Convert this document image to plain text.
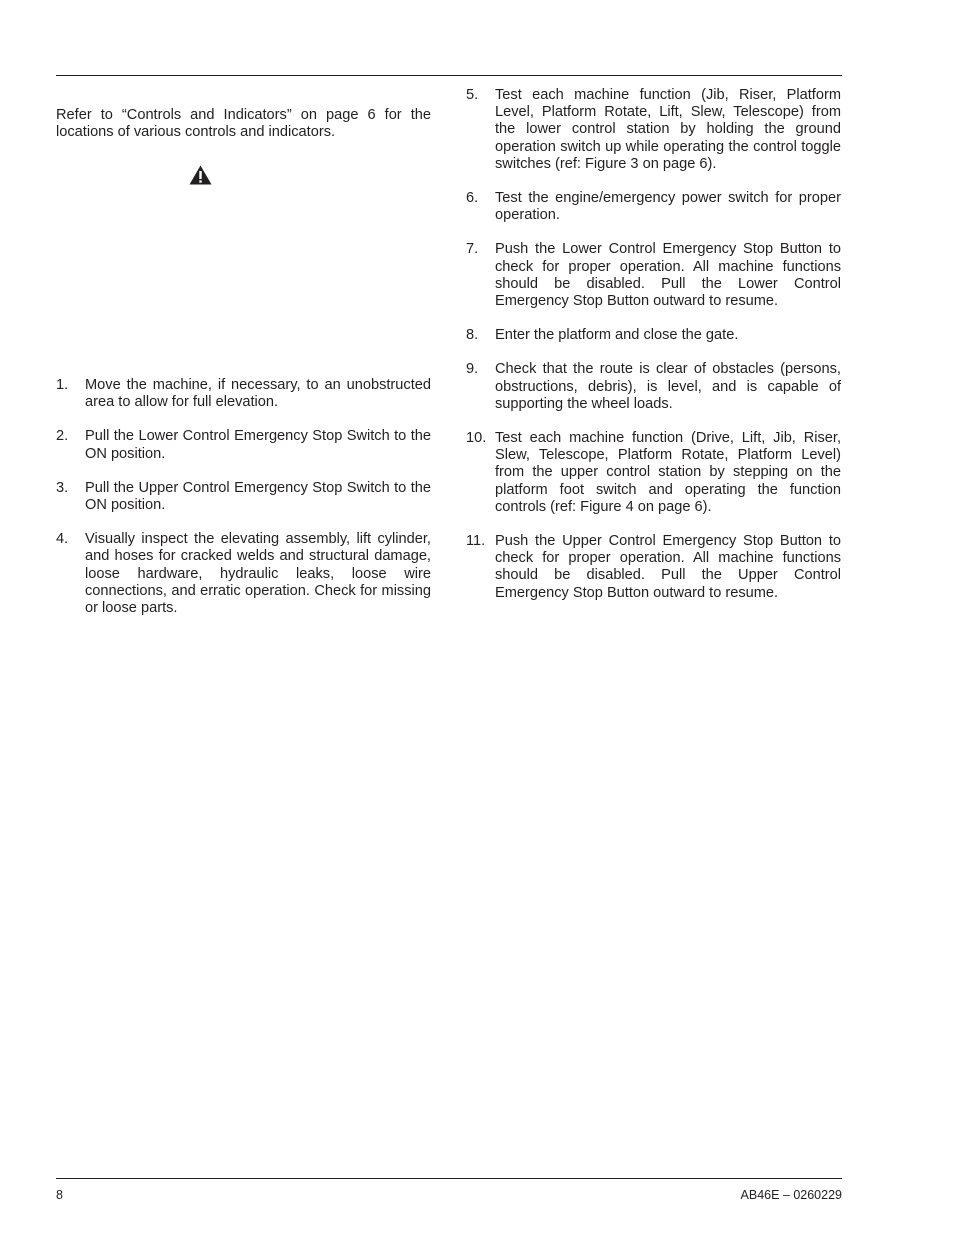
Refer to “Controls and Indicators” on page 6 for the locations of various controls and indicators.

1.	Move the machine, if necessary, to an unobstructed area to allow for full elevation.
2.	Pull the Lower Control Emergency Stop Switch to the ON position.
3.	Pull the Upper Control Emergency Stop Switch to the ON position.
4.	Visually inspect the elevating assembly, lift cylinder, and hoses for cracked welds and structural damage, loose hardware, hydraulic leaks, loose wire connections, and erratic operation. Check for missing or loose parts.
5.	Test each machine function (Jib, Riser, Platform Level, Platform Rotate, Lift, Slew, Telescope) from the lower control station by holding the ground operation switch up while operating the control toggle switches (ref: Figure 3 on page 6).
6.	Test the engine/emergency power switch for proper operation.
7.	Push the Lower Control Emergency Stop Button to check for proper operation. All machine functions should be disabled. Pull the Lower Control Emergency Stop Button outward to resume.
8.	Enter the platform and close the gate.
9.	Check that the route is clear of obstacles (persons, obstructions, debris), is level, and is capable of supporting the wheel loads.
10. Test each machine function (Drive, Lift, Jib, Riser, Slew, Telescope, Platform Rotate, Platform Level) from the upper control station by stepping on the platform foot switch and operating the function controls (ref: Figure 4 on page 6).
11. Push the Upper Control Emergency Stop Button to check for proper operation. All machine functions should be disabled. Pull the Upper Control Emergency Stop Button outward to resume.
8	AB46E – 0260229
